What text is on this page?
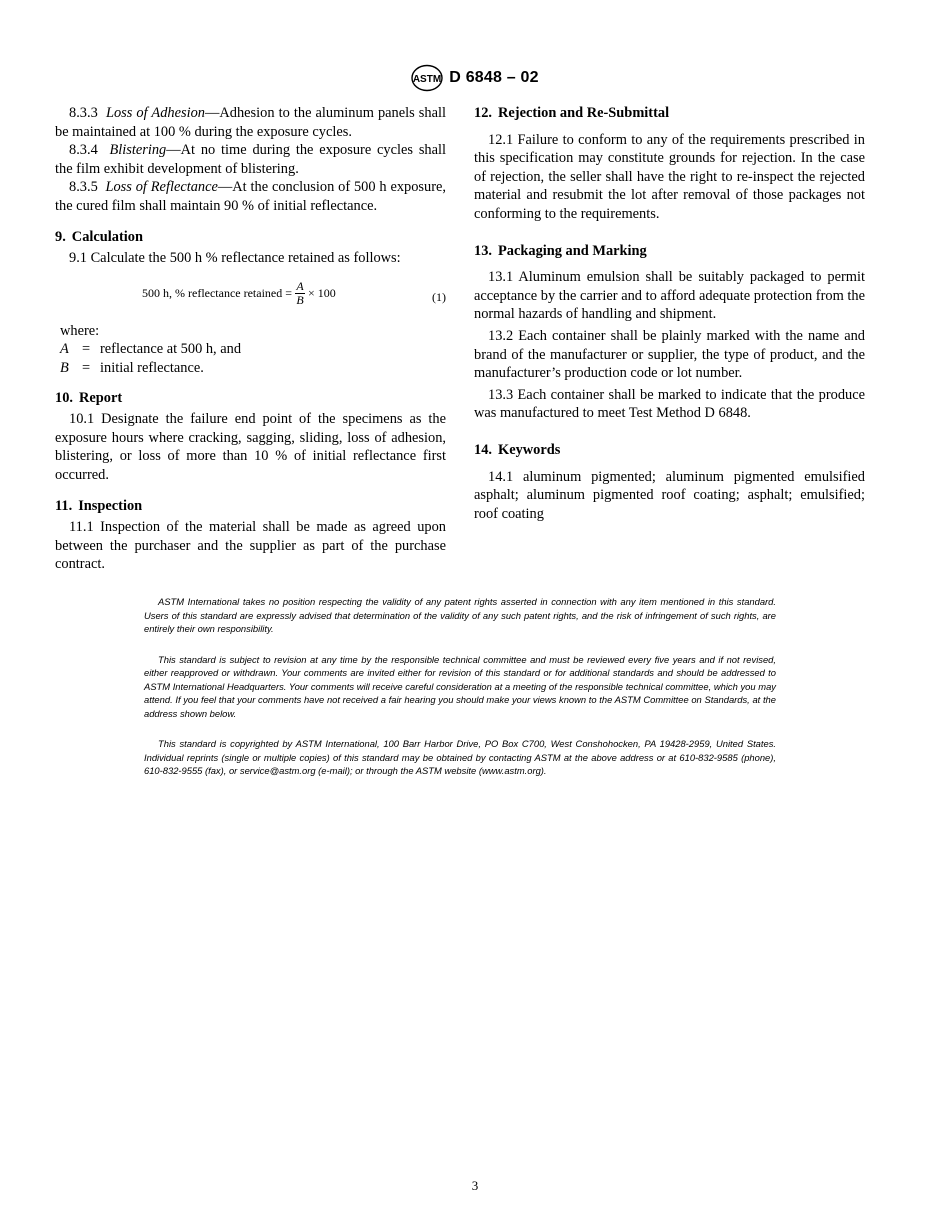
ASTM D 6848 – 02

8.3.3 Loss of Adhesion—Adhesion to the aluminum panels shall be maintained at 100 % during the exposure cycles.

8.3.4 Blistering—At no time during the exposure cycles shall the film exhibit development of blistering.

8.3.5 Loss of Reflectance—At the conclusion of 500 h exposure, the cured film shall maintain 90 % of initial reflectance.

9. Calculation

9.1 Calculate the 500 h % reflectance retained as follows:

500 h, % reflectance retained = $\frac{A}{B} \times 100$	(1)
where:
A = reflectance at 500 h, and
B = initial reflectance.
10. Report

10.1 Designate the failure end point of the specimens as the exposure hours where cracking, sagging, sliding, loss of adhesion, blistering, or loss of more than 10 % of initial reflectance first occurred.

11. Inspection

11.1 Inspection of the material shall be made as agreed upon between the purchaser and the supplier as part of the purchase contract.

12. Rejection and Re-Submittal

12.1 Failure to conform to any of the requirements prescribed in this specification may constitute grounds for rejection. In the case of rejection, the seller shall have the right to re-inspect the rejected material and resubmit the lot after removal of those packages not conforming to the requirements.

13. Packaging and Marking

13.1 Aluminum emulsion shall be suitably packaged to permit acceptance by the carrier and to afford adequate protection from the normal hazards of handling and shipment.

13.2 Each container shall be plainly marked with the name and brand of the manufacturer or supplier, the type of product, and the manufacturer’s production code or lot number.

13.3 Each container shall be marked to indicate that the produce was manufactured to meet Test Method D 6848.

14. Keywords

14.1 aluminum pigmented; aluminum pigmented emulsified asphalt; aluminum pigmented roof coating; asphalt; emulsified; roof coating

ASTM International takes no position respecting the validity of any patent rights asserted in connection with any item mentioned in this standard. Users of this standard are expressly advised that determination of the validity of any such patent rights, and the risk of infringement of such rights, are entirely their own responsibility.

This standard is subject to revision at any time by the responsible technical committee and must be reviewed every five years and if not revised, either reapproved or withdrawn. Your comments are invited either for revision of this standard or for additional standards and should be addressed to ASTM International Headquarters. Your comments will receive careful consideration at a meeting of the responsible technical committee, which you may attend. If you feel that your comments have not received a fair hearing you should make your views known to the ASTM Committee on Standards, at the address shown below.

This standard is copyrighted by ASTM International, 100 Barr Harbor Drive, PO Box C700, West Conshohocken, PA 19428-2959, United States. Individual reprints (single or multiple copies) of this standard may be obtained by contacting ASTM at the above address or at 610-832-9585 (phone), 610-832-9555 (fax), or service@astm.org (e-mail); or through the ASTM website (www.astm.org).

3
